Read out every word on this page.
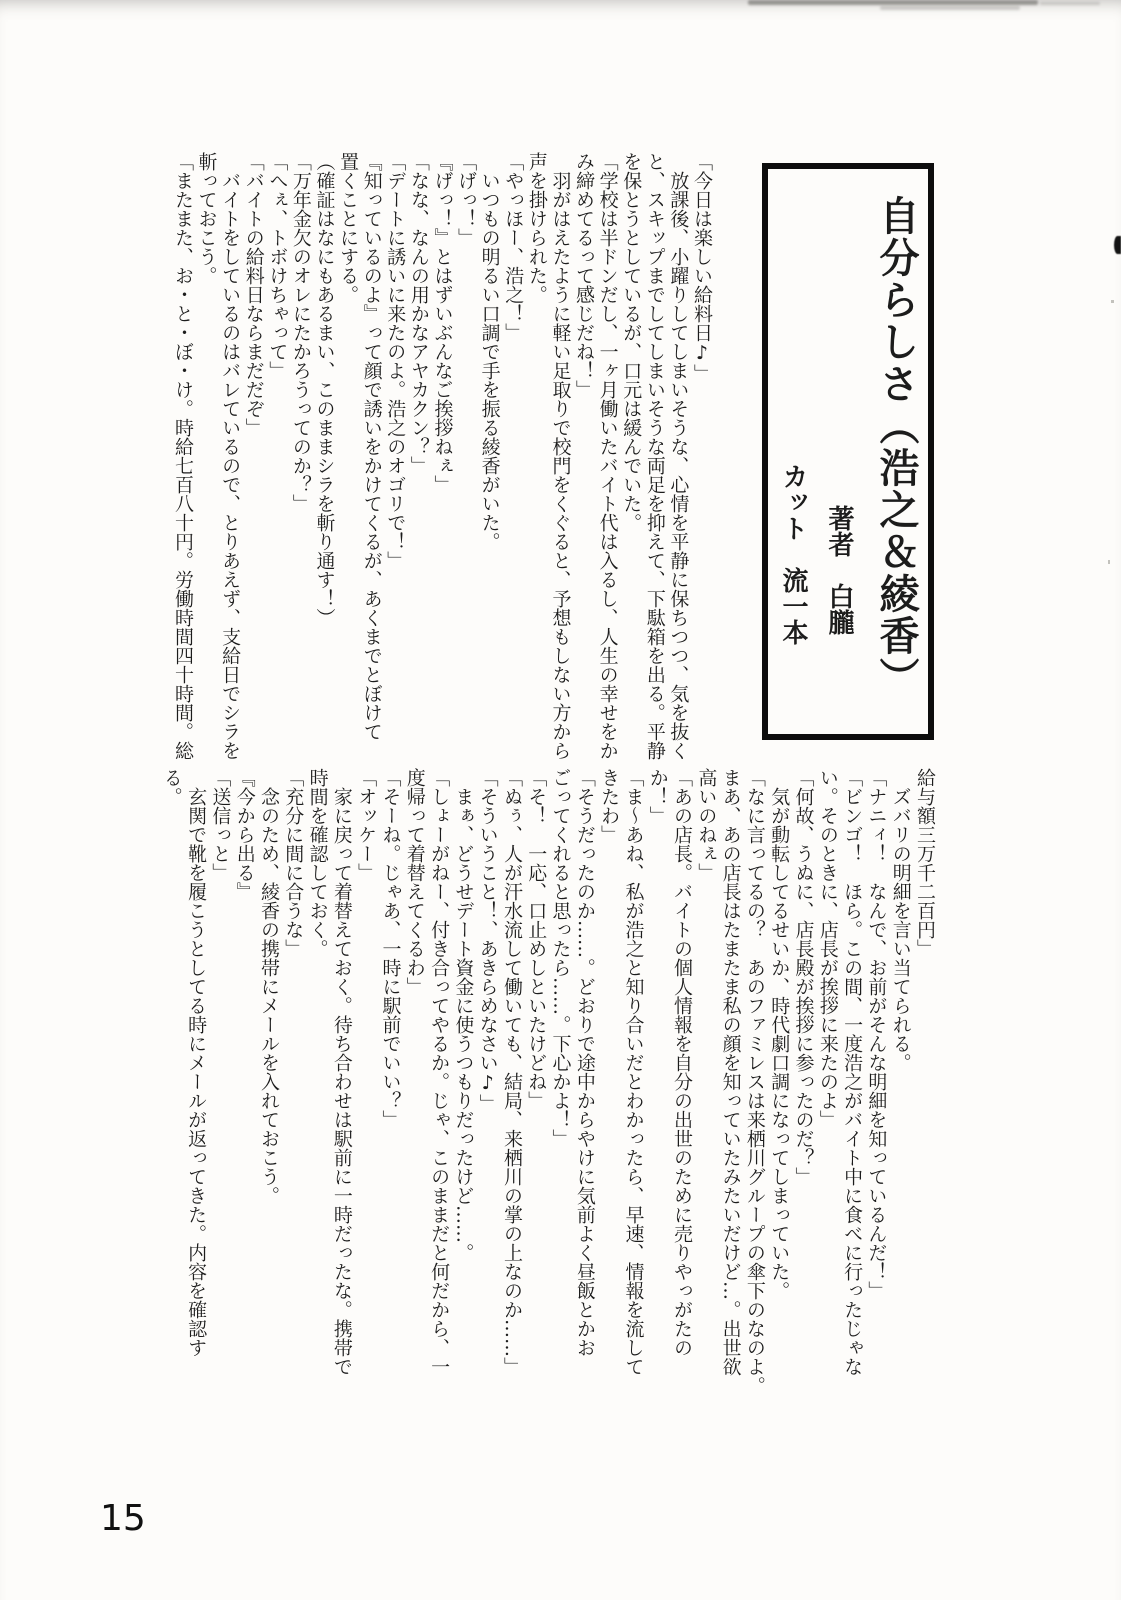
自分らしさ（浩之＆綾香）
著者　白朧
カット　流一本
「今日は楽しい給料日♪」
　放課後、小躍りしてしまいそうな、心情を平静に保ちつつ、気を抜く
と、スキップまでしてしまいそうな両足を抑えて、下駄箱を出る。平静
を保とうとしているが、口元は緩んでいた。
「学校は半ドンだし、一ヶ月働いたバイト代は入るし、人生の幸せをか
み締めてるって感じだね！」
　羽がはえたように軽い足取りで校門をくぐると、予想もしない方から
声を掛けられた。
「やっほー、浩之！」
　いつもの明るい口調で手を振る綾香がいた。
「げっ！」
『げっ！』とはずいぶんなご挨拶ねぇ」
「なな、なんの用かなアヤカクン？」
「デートに誘いに来たのよ。浩之のオゴリで！」
『知っているのよ』って顔で誘いをかけてくるが、あくまでとぼけて
置くことにする。
（確証はなにもあるまい、このままシラを斬り通す！）
「万年金欠のオレにたかろうってのか？」
「へぇ、トボけちゃって」
「バイトの給料日ならまだだぞ」
　バイトをしているのはバレているので、とりあえず、支給日でシラを
斬っておこう。
「またまた、お・と・ぼ・け。時給七百八十円。労働時間四十時間。総
給与額三万千二百円」
　ズバリの明細を言い当てられる。
「ナニィ！　なんで、お前がそんな明細を知っているんだ！」
「ビンゴ！　ほら。この間、一度浩之がバイト中に食べに行ったじゃな
い。そのときに、店長が挨拶に来たのよ」
「何故、うぬに、店長殿が挨拶に参ったのだ？」
　気が動転してるせいか、時代劇口調になってしまっていた。
「なに言ってるの？　あのファミレスは来栖川グループの傘下のなのよ。
まあ、あの店長はたまたま私の顔を知っていたみたいだけど…。出世欲
高いのねぇ」
「あの店長。バイトの個人情報を自分の出世のために売りやっがたの
か！」
「ま〜あね、私が浩之と知り合いだとわかったら、早速、情報を流して
きたわ」
「そうだったのか……。どおりで途中からやけに気前よく昼飯とかお
ごってくれると思ったら……。下心かよ！」
「そ！　一応、口止めしといたけどね」
「ぬぅ、人が汗水流して働いても、結局、来栖川の掌の上なのか……」
「そういうこと！、あきらめなさい♪」
　まぁ、どうせデート資金に使うつもりだったけど……。
「しょーがねー、付き合ってやるか。じゃ、このままだと何だから、一
度帰って着替えてくるわ」
「そーね。じゃあ、一時に駅前でいい？」
「オッケー」
　家に戻って着替えておく。待ち合わせは駅前に一時だったな。携帯で
時間を確認しておく。
「充分に間に合うな」
　念のため、綾香の携帯にメールを入れておこう。
『今から出る』
「送信っと」
　玄関で靴を履こうとしてる時にメールが返ってきた。内容を確認す
る。
15
